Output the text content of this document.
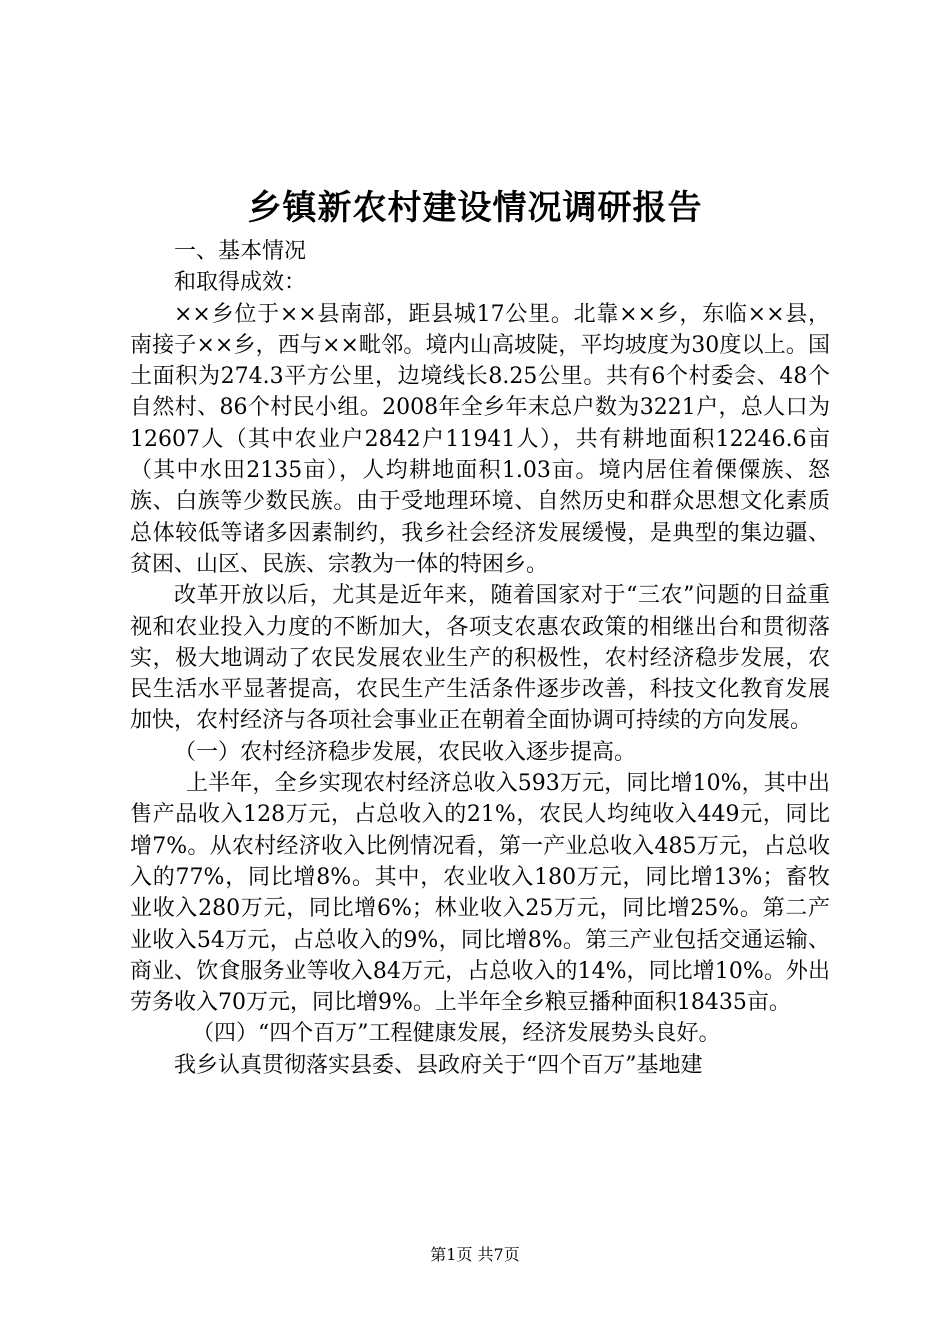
乡镇新农村建设情况调研报告

一、基本情况

和取得成效：

××乡位于××县南部，距县城17公里。北靠××乡，东临××县，南接子××乡，西与××毗邻。境内山高坡陡，平均坡度为30度以上。国土面积为274.3平方公里，边境线长8.25公里。共有6个村委会、48个自然村、86个村民小组。2008年全乡年末总户数为3221户，总人口为12607人（其中农业户2842户11941人），共有耕地面积12246.6亩（其中水田2135亩），人均耕地面积1.03亩。境内居住着傈僳族、怒族、白族等少数民族。由于受地理环境、自然历史和群众思想文化素质总体较低等诸多因素制约，我乡社会经济发展缓慢，是典型的集边疆、贫困、山区、民族、宗教为一体的特困乡。

改革开放以后，尤其是近年来，随着国家对于“三农”问题的日益重视和农业投入力度的不断加大，各项支农惠农政策的相继出台和贯彻落实，极大地调动了农民发展农业生产的积极性，农村经济稳步发展，农民生活水平显著提高，农民生产生活条件逐步改善，科技文化教育发展加快，农村经济与各项社会事业正在朝着全面协调可持续的方向发展。

（一）农村经济稳步发展，农民收入逐步提高。

上半年，全乡实现农村经济总收入593万元，同比增10%，其中出售产品收入128万元，占总收入的21%，农民人均纯收入449元，同比增7%。从农村经济收入比例情况看，第一产业总收入485万元，占总收入的77%，同比增8%。其中，农业收入180万元，同比增13%；畜牧业收入280万元，同比增6%；林业收入25万元，同比增25%。第二产业收入54万元，占总收入的9%，同比增8%。第三产业包括交通运输、商业、饮食服务业等收入84万元，占总收入的14%，同比增10%。外出劳务收入70万元，同比增9%。上半年全乡粮豆播种面积18435亩。

（四）“四个百万”工程健康发展，经济发展势头良好。

我乡认真贯彻落实县委、县政府关于“四个百万”基地建

第1页 共7页
